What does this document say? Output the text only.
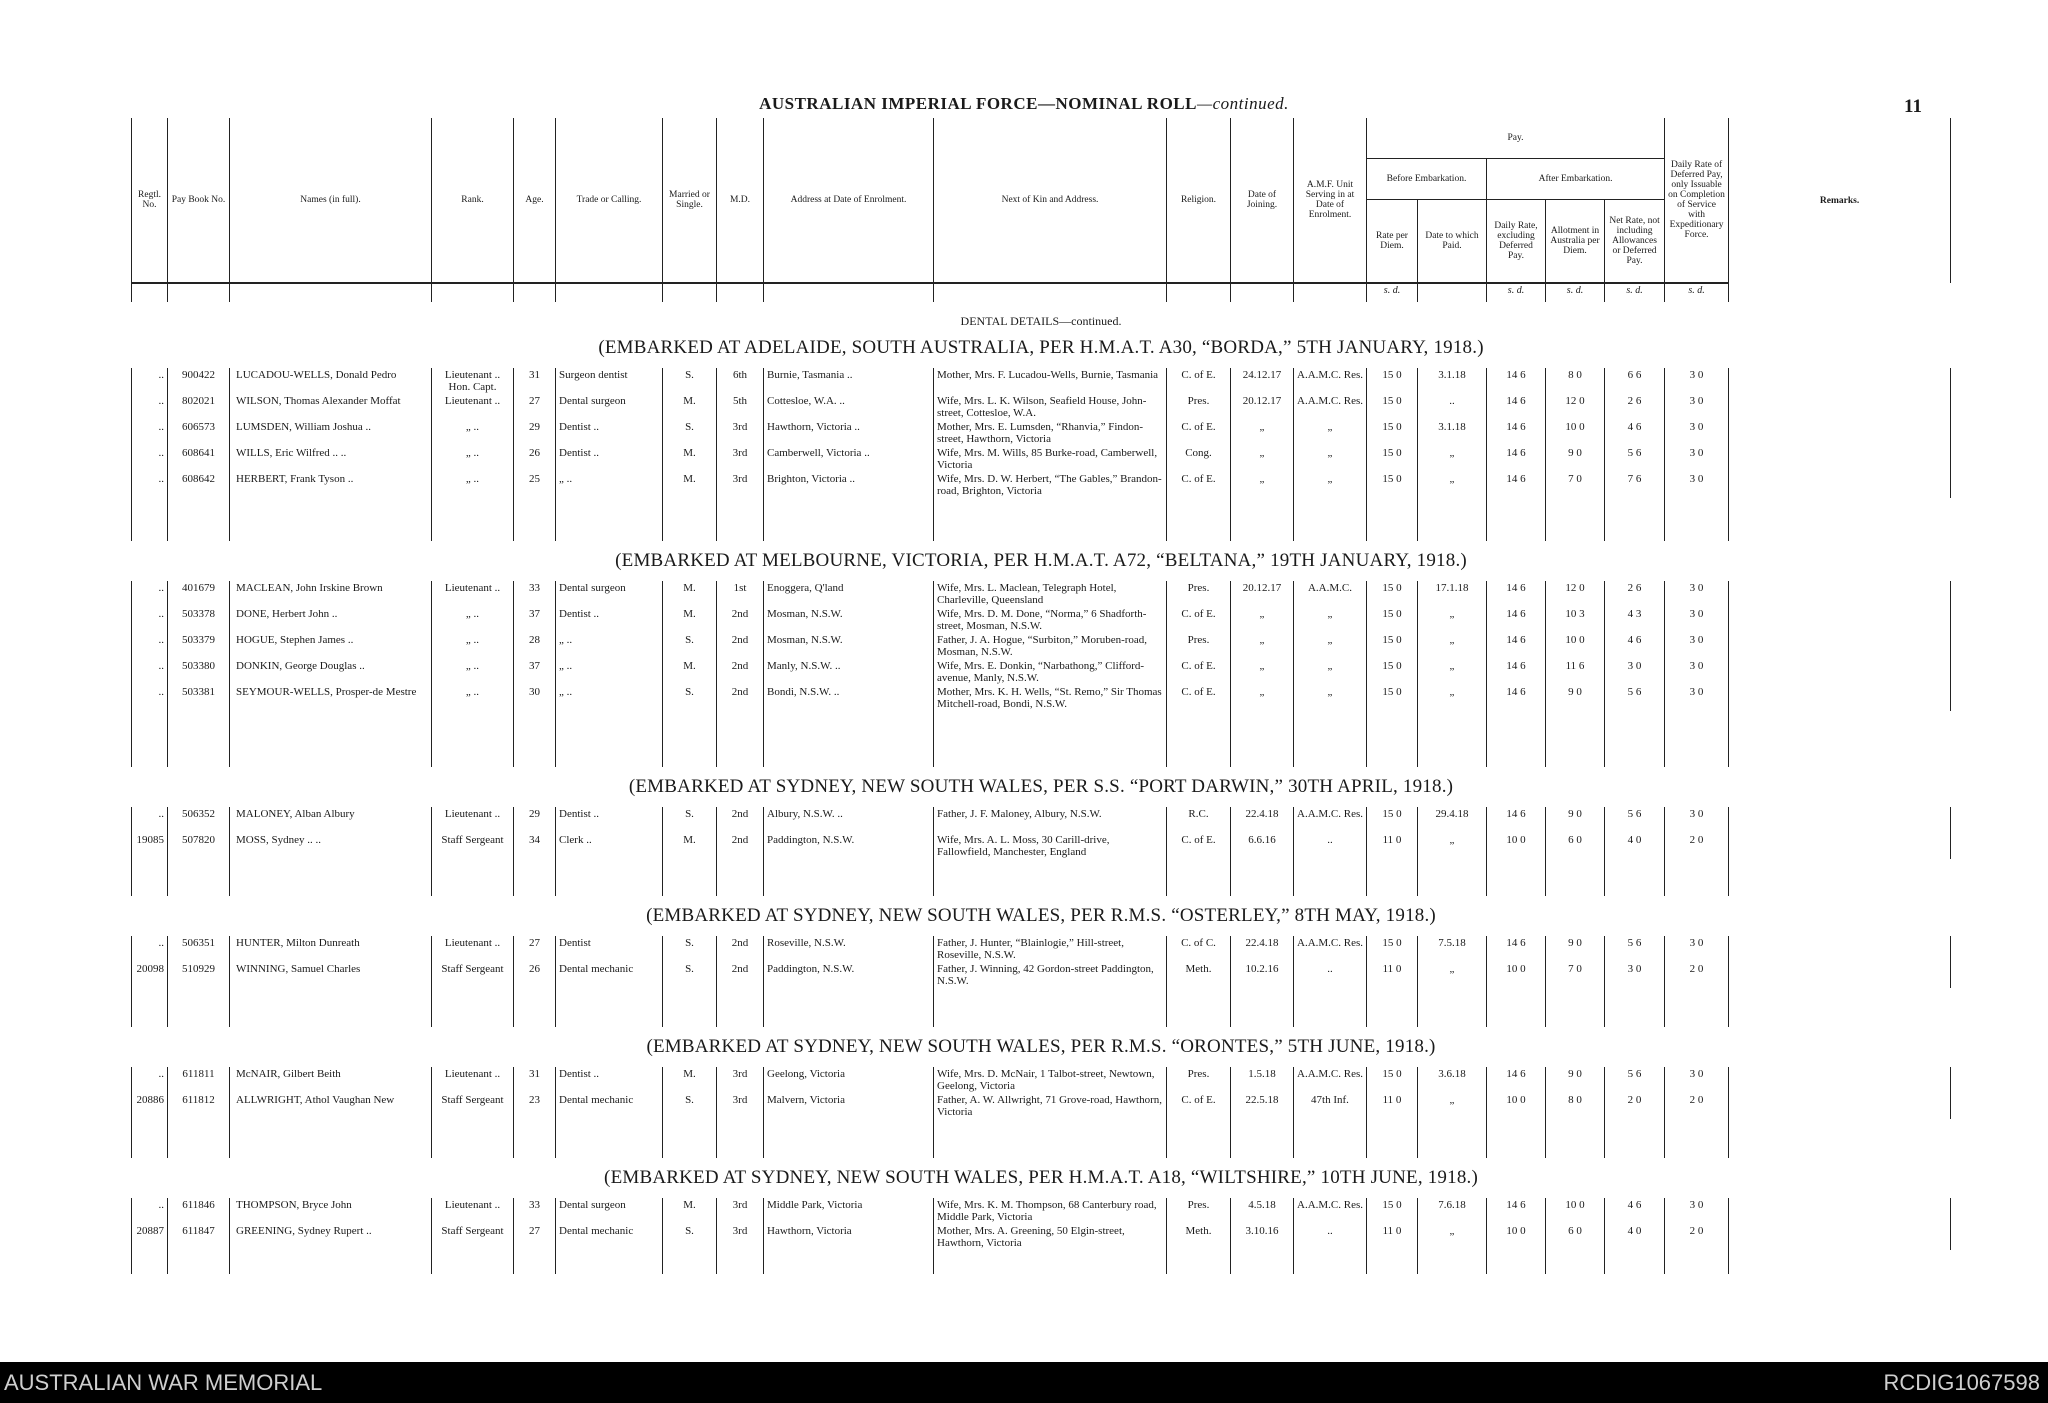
AUSTRALIAN IMPERIAL FORCE—NOMINAL ROLL—continued.	11
Regtl. No.	Pay Book No.	Names (in full).	Rank.	Age.	Trade or Calling.	Married or Single.	M.D.	Address at Date of Enrolment.	Next of Kin and Address.	Religion.	Date of Joining.	A.M.F. Unit Serving in at Date of Enrolment.	Pay.					Daily Rate of Deferred Pay, only Issuable on Completion of Service with Expeditionary Force.	Remarks.
													Before Embarkation.		After Embarkation.				
													Rate per Diem.	Date to which Paid.	Daily Rate, excluding Deferred Pay.	Allotment in Australia per Diem.	Net Rate, not including Allowances or Deferred Pay.		
													s. d.		s. d.	s. d.	s. d.	s. d.	
DENTAL DETAILS—continued.																			
(EMBARKED AT ADELAIDE, SOUTH AUSTRALIA, PER H.M.A.T. A30, “BORDA,” 5TH JANUARY, 1918.)																			
..	900422	LUCADOU-WELLS, Donald Pedro	Lieutenant .. Hon. Capt.	31	Surgeon dentist	S.	6th	Burnie, Tasmania ..	Mother, Mrs. F. Lucadou-Wells, Burnie, Tasmania	C. of E.	24.12.17	A.A.M.C. Res.	15 0	3.1.18	14 6	8 0	6 6	3 0	
..	802021	WILSON, Thomas Alexander Moffat	Lieutenant ..	27	Dental surgeon	M.	5th	Cottesloe, W.A. ..	Wife, Mrs. L. K. Wilson, Seafield House, John-street, Cottesloe, W.A.	Pres.	20.12.17	A.A.M.C. Res.	15 0	..	14 6	12 0	2 6	3 0	
..	606573	LUMSDEN, William Joshua ..	„ ..	29	Dentist ..	S.	3rd	Hawthorn, Victoria ..	Mother, Mrs. E. Lumsden, “Rhanvia,” Findon-street, Hawthorn, Victoria	C. of E.	„	„	15 0	3.1.18	14 6	10 0	4 6	3 0	
..	608641	WILLS, Eric Wilfred .. ..	„ ..	26	Dentist ..	M.	3rd	Camberwell, Victoria ..	Wife, Mrs. M. Wills, 85 Burke-road, Camberwell, Victoria	Cong.	„	„	15 0	„	14 6	9 0	5 6	3 0	
..	608642	HERBERT, Frank Tyson ..	„ ..	25	„ ..	M.	3rd	Brighton, Victoria ..	Wife, Mrs. D. W. Herbert, “The Gables,” Brandon-road, Brighton, Victoria	C. of E.	„	„	15 0	„	14 6	7 0	7 6	3 0	

(EMBARKED AT MELBOURNE, VICTORIA, PER H.M.A.T. A72, “BELTANA,” 19TH JANUARY, 1918.)																			
..	401679	MACLEAN, John Irskine Brown	Lieutenant ..	33	Dental surgeon	M.	1st	Enoggera, Q'land	Wife, Mrs. L. Maclean, Telegraph Hotel, Charleville, Queensland	Pres.	20.12.17	A.A.M.C.	15 0	17.1.18	14 6	12 0	2 6	3 0	
..	503378	DONE, Herbert John ..	„ ..	37	Dentist ..	M.	2nd	Mosman, N.S.W.	Wife, Mrs. D. M. Done, “Norma,” 6 Shadforth-street, Mosman, N.S.W.	C. of E.	„	„	15 0	„	14 6	10 3	4 3	3 0	
..	503379	HOGUE, Stephen James ..	„ ..	28	„ ..	S.	2nd	Mosman, N.S.W.	Father, J. A. Hogue, “Surbiton,” Moruben-road, Mosman, N.S.W.	Pres.	„	„	15 0	„	14 6	10 0	4 6	3 0	
..	503380	DONKIN, George Douglas ..	„ ..	37	„ ..	M.	2nd	Manly, N.S.W. ..	Wife, Mrs. E. Donkin, “Narbathong,” Clifford-avenue, Manly, N.S.W.	C. of E.	„	„	15 0	„	14 6	11 6	3 0	3 0	
..	503381	SEYMOUR-WELLS, Prosper-de Mestre	„ ..	30	„ ..	S.	2nd	Bondi, N.S.W. ..	Mother, Mrs. K. H. Wells, “St. Remo,” Sir Thomas Mitchell-road, Bondi, N.S.W.	C. of E.	„	„	15 0	„	14 6	9 0	5 6	3 0	

(EMBARKED AT SYDNEY, NEW SOUTH WALES, PER S.S. “PORT DARWIN,” 30TH APRIL, 1918.)																			
..	506352	MALONEY, Alban Albury	Lieutenant ..	29	Dentist ..	S.	2nd	Albury, N.S.W. ..	Father, J. F. Maloney, Albury, N.S.W.	R.C.	22.4.18	A.A.M.C. Res.	15 0	29.4.18	14 6	9 0	5 6	3 0	
19085	507820	MOSS, Sydney .. ..	Staff Sergeant	34	Clerk ..	M.	2nd	Paddington, N.S.W.	Wife, Mrs. A. L. Moss, 30 Carill-drive, Fallowfield, Manchester, England	C. of E.	6.6.16	..	11 0	„	10 0	6 0	4 0	2 0	

(EMBARKED AT SYDNEY, NEW SOUTH WALES, PER R.M.S. “OSTERLEY,” 8TH MAY, 1918.)																			
..	506351	HUNTER, Milton Dunreath	Lieutenant ..	27	Dentist	S.	2nd	Roseville, N.S.W.	Father, J. Hunter, “Blainlogie,” Hill-street, Roseville, N.S.W.	C. of C.	22.4.18	A.A.M.C. Res.	15 0	7.5.18	14 6	9 0	5 6	3 0	
20098	510929	WINNING, Samuel Charles	Staff Sergeant	26	Dental mechanic	S.	2nd	Paddington, N.S.W.	Father, J. Winning, 42 Gordon-street Paddington, N.S.W.	Meth.	10.2.16	..	11 0	„	10 0	7 0	3 0	2 0	

(EMBARKED AT SYDNEY, NEW SOUTH WALES, PER R.M.S. “ORONTES,” 5TH JUNE, 1918.)																			
..	611811	McNAIR, Gilbert Beith	Lieutenant ..	31	Dentist ..	M.	3rd	Geelong, Victoria	Wife, Mrs. D. McNair, 1 Talbot-street, Newtown, Geelong, Victoria	Pres.	1.5.18	A.A.M.C. Res.	15 0	3.6.18	14 6	9 0	5 6	3 0	
20886	611812	ALLWRIGHT, Athol Vaughan New	Staff Sergeant	23	Dental mechanic	S.	3rd	Malvern, Victoria	Father, A. W. Allwright, 71 Grove-road, Hawthorn, Victoria	C. of E.	22.5.18	47th Inf.	11 0	„	10 0	8 0	2 0	2 0	

(EMBARKED AT SYDNEY, NEW SOUTH WALES, PER H.M.A.T. A18, “WILTSHIRE,” 10TH JUNE, 1918.)																			
..	611846	THOMPSON, Bryce John	Lieutenant ..	33	Dental surgeon	M.	3rd	Middle Park, Victoria	Wife, Mrs. K. M. Thompson, 68 Canterbury road, Middle Park, Victoria	Pres.	4.5.18	A.A.M.C. Res.	15 0	7.6.18	14 6	10 0	4 6	3 0	
20887	611847	GREENING, Sydney Rupert ..	Staff Sergeant	27	Dental mechanic	S.	3rd	Hawthorn, Victoria	Mother, Mrs. A. Greening, 50 Elgin-street, Hawthorn, Victoria	Meth.	3.10.16	..	11 0	„	10 0	6 0	4 0	2 0	

AUSTRALIAN WAR MEMORIAL	RCDIG1067598
